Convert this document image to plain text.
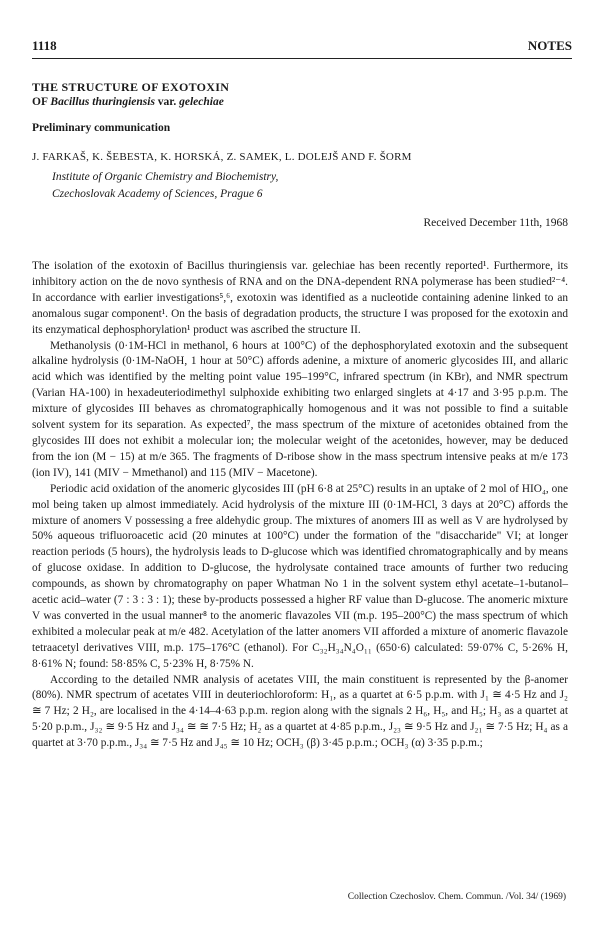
1118	NOTES
THE STRUCTURE OF EXOTOXIN
OF Bacillus thuringiensis var. gelechiae
Preliminary communication
J. FARKAŠ, K. ŠEBESTA, K. HORSKÁ, Z. SAMEK, L. DOLEJŠ AND F. ŠORM
Institute of Organic Chemistry and Biochemistry,
Czechoslovak Academy of Sciences, Prague 6
Received December 11th, 1968

The isolation of the exotoxin of Bacillus thuringiensis var. gelechiae has been recently reported¹. Furthermore, its inhibitory action on the de novo synthesis of RNA and on the DNA-dependent RNA polymerase has been studied²⁻⁴. In accordance with earlier investigations⁵,⁶, exotoxin was identified as a nucleotide containing adenine linked to an anomalous sugar component¹. On the basis of degradation products, the structure I was proposed for the exotoxin and its enzymatical dephosphorylation¹ product was ascribed the structure II.

Methanolysis (0·1M-HCl in methanol, 6 hours at 100°C) of the dephosphorylated exotoxin and the subsequent alkaline hydrolysis (0·1M-NaOH, 1 hour at 50°C) affords adenine, a mixture of anomeric glycosides III, and allaric acid which was identified by the melting point value 195–199°C, infrared spectrum (in KBr), and NMR spectrum (Varian HA-100) in hexadeuteriodimethyl sulphoxide exhibiting two enlarged singlets at 4·17 and 3·95 p.p.m. The mixture of glycosides III behaves as chromatographically homogenous and it was not possible to find a suitable solvent system for its separation. As expected⁷, the mass spectrum of the mixture of acetonides obtained from the glycosides III does not exhibit a molecular ion; the molecular weight of the acetonides, however, may be deduced from the ion (M − 15) at m/e 365. The fragments of D-ribose show in the mass spectrum intensive peaks at m/e 173 (ion IV), 141 (MIV − Mmethanol) and 115 (MIV − Macetone).

Periodic acid oxidation of the anomeric glycosides III (pH 6·8 at 25°C) results in an uptake of 2 mol of HIO₄, one mol being taken up almost immediately. Acid hydrolysis of the mixture III (0·1M-HCl, 3 days at 20°C) affords the mixture of anomers V possessing a free aldehydic group. The mixtures of anomers III as well as V are hydrolysed by 50% aqueous trifluoroacetic acid (20 minutes at 100°C) under the formation of the "disaccharide" VI; at longer reaction periods (5 hours), the hydrolysis leads to D-glucose which was identified chromatographically and by means of glucose oxidase. In addition to D-glucose, the hydrolysate contained trace amounts of further two reducing compounds, as shown by chromatography on paper Whatman No 1 in the solvent system ethyl acetate–1-butanol–acetic acid–water (7 : 3 : 3 : 1); these by-products possessed a higher RF value than D-glucose. The anomeric mixture V was converted in the usual manner⁸ to the anomeric flavazoles VII (m.p. 195–200°C) the mass spectrum of which exhibited a molecular peak at m/e 482. Acetylation of the latter anomers VII afforded a mixture of anomeric flavazole tetraacetyl derivatives VIII, m.p. 175–176°C (ethanol). For C₃₂H₃₄N₄O₁₁ (650·6) calculated: 59·07% C, 5·26% H, 8·61% N; found: 58·85% C, 5·23% H, 8·75% N.

According to the detailed NMR analysis of acetates VIII, the main constituent is represented by the β-anomer (80%). NMR spectrum of acetates VIII in deuteriochloroform: H₁, as a quartet at 6·5 p.p.m. with J₁ ≅ 4·5 Hz and J₂ ≅ 7 Hz; 2 H₂, are localised in the 4·14–4·63 p.p.m. region along with the signals 2 H₆, H₅, and H₅; H₃ as a quartet at 5·20 p.p.m., J₃₂ ≅ 9·5 Hz and J₃₄ ≅ ≅ 7·5 Hz; H₂ as a quartet at 4·85 p.p.m., J₂₃ ≅ 9·5 Hz and J₂₁ ≅ 7·5 Hz; H₄ as a quartet at 3·70 p.p.m., J₃₄ ≅ 7·5 Hz and J₄₅ ≅ 10 Hz; OCH₃ (β) 3·45 p.p.m.; OCH₃ (α) 3·35 p.p.m.;

Collection Czechoslov. Chem. Commun. /Vol. 34/ (1969)
